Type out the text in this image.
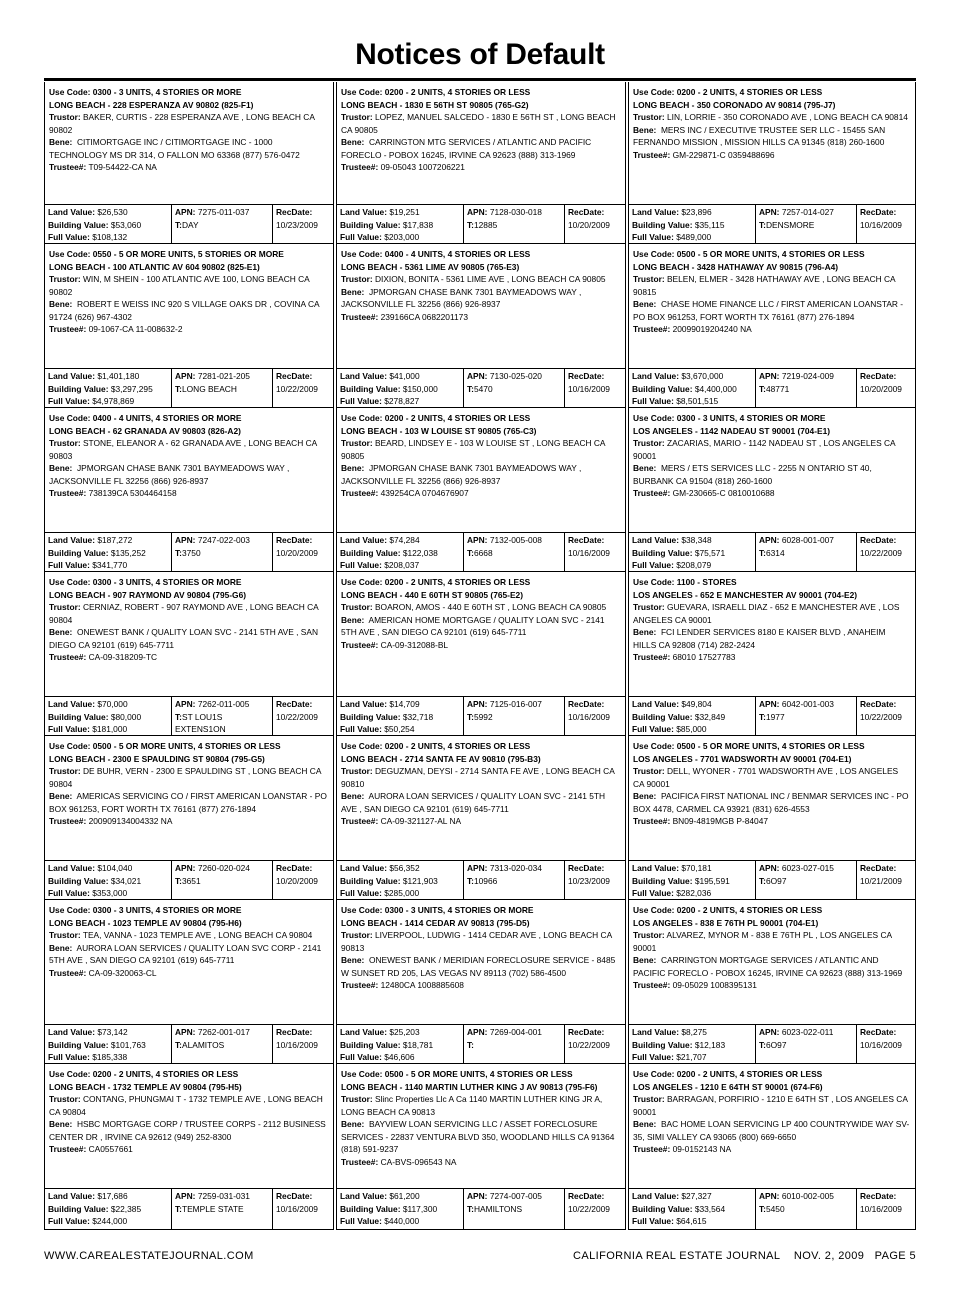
Notices of Default
Use Code: 0300 - 3 UNITS, 4 STORIES OR MORE
LONG BEACH - 228 ESPERANZA AV 90802 (825-F1)
Trustor: BAKER, CURTIS - 228 ESPERANZA AVE , LONG BEACH CA 90802
Bene: CITIMORTGAGE INC / CITIMORTGAGE INC - 1000 TECHNOLOGY MS DR 314, O FALLON MO 63368 (877) 576-0472
Trustee#: T09-54422-CA NA
Land Value: $26,530
Building Value: $53,060
Full Value: $108,132
APN: 7275-011-037
T:DAY
RecDate:
10/23/2009
Use Code: 0550 - 5 OR MORE UNITS, 5 STORIES OR MORE
LONG BEACH - 100 ATLANTIC AV 604 90802 (825-E1)
Trustor: WIN, M SHEIN - 100 ATLANTIC AVE 100, LONG BEACH CA 90802
Bene: ROBERT E WEISS INC 920 S VILLAGE OAKS DR , COVINA CA 91724 (626) 967-4302
Trustee#: 09-1067-CA 11-008632-2
Land Value: $1,401,180
Building Value: $3,297,295
Full Value: $4,978,869
APN: 7281-021-205
T:LONG BEACH
RecDate:
10/22/2009
Use Code: 0400 - 4 UNITS, 4 STORIES OR MORE
LONG BEACH - 62 GRANADA AV 90803 (826-A2)
Trustor: STONE, ELEANOR A - 62 GRANADA AVE , LONG BEACH CA 90803
Bene: JPMORGAN CHASE BANK 7301 BAYMEADOWS WAY , JACKSONVILLE FL 32256 (866) 926-8937
Trustee#: 738139CA 5304464158
Land Value: $187,272
Building Value: $135,252
Full Value: $341,770
APN: 7247-022-003
T:3750
RecDate:
10/20/2009
Use Code: 0300 - 3 UNITS, 4 STORIES OR MORE
LONG BEACH - 907 RAYMOND AV 90804 (795-G6)
Trustor: CERNIAZ, ROBERT - 907 RAYMOND AVE , LONG BEACH CA 90804
Bene: ONEWEST BANK / QUALITY LOAN SVC - 2141 5TH AVE , SAN DIEGO CA 92101 (619) 645-7711
Trustee#: CA-09-318209-TC
Land Value: $70,000
Building Value: $80,000
Full Value: $181,000
APN: 7262-011-005
T:ST LOU1S EXTENS1ON
RecDate:
10/22/2009
Use Code: 0500 - 5 OR MORE UNITS, 4 STORIES OR LESS
LONG BEACH - 2300 E SPAULDING ST 90804 (795-G5)
Trustor: DE BUHR, VERN - 2300 E SPAULDING ST , LONG BEACH CA 90804
Bene: AMERICAS SERVICING CO / FIRST AMERICAN LOANSTAR - PO BOX 961253, FORT WORTH TX 76161 (877) 276-1894
Trustee#: 200909134004332 NA
Land Value: $104,040
Building Value: $34,021
Full Value: $353,000
APN: 7260-020-024
T:3651
RecDate:
10/20/2009
Use Code: 0300 - 3 UNITS, 4 STORIES OR MORE
LONG BEACH - 1023 TEMPLE AV 90804 (795-H6)
Trustor: TEA, VANNA - 1023 TEMPLE AVE , LONG BEACH CA 90804
Bene: AURORA LOAN SERVICES / QUALITY LOAN SVC CORP - 2141 5TH AVE , SAN DIEGO CA 92101 (619) 645-7711
Trustee#: CA-09-320063-CL
Land Value: $73,142
Building Value: $101,763
Full Value: $185,338
APN: 7262-001-017
T:ALAMITOS
RecDate:
10/16/2009
Use Code: 0200 - 2 UNITS, 4 STORIES OR LESS
LONG BEACH - 1732 TEMPLE AV 90804 (795-H5)
Trustor: CONTANG, PHUNGMAI T - 1732 TEMPLE AVE , LONG BEACH CA 90804
Bene: HSBC MORTGAGE CORP / TRUSTEE CORPS - 2112 BUSINESS CENTER DR , IRVINE CA 92612 (949) 252-8300
Trustee#: CA0557661
Land Value: $17,686
Building Value: $22,385
Full Value: $244,000
APN: 7259-031-031
T:TEMPLE STATE
RecDate:
10/16/2009
Use Code: 0200 - 2 UNITS, 4 STORIES OR LESS
LONG BEACH - 1830 E 56TH ST 90805 (765-G2)
Trustor: LOPEZ, MANUEL SALCEDO - 1830 E 56TH ST , LONG BEACH CA 90805
Bene: CARRINGTON MTG SERVICES / ATLANTIC AND PACIFIC FORECLO - POBOX 16245, IRVINE CA 92623 (888) 313-1969
Trustee#: 09-05043 1007206221
Land Value: $19,251
Building Value: $17,838
Full Value: $203,000
APN: 7128-030-018
T:12885
RecDate:
10/20/2009
Use Code: 0400 - 4 UNITS, 4 STORIES OR LESS
LONG BEACH - 5361 LIME AV 90805 (765-E3)
Trustor: DIXION, BONITA - 5361 LIME AVE , LONG BEACH CA 90805
Bene: JPMORGAN CHASE BANK 7301 BAYMEADOWS WAY , JACKSONVILLE FL 32256 (866) 926-8937
Trustee#: 239166CA 0682201173
Land Value: $41,000
Building Value: $150,000
Full Value: $278,827
APN: 7130-025-020
T:5470
RecDate:
10/16/2009
Use Code: 0200 - 2 UNITS, 4 STORIES OR LESS
LONG BEACH - 103 W LOUISE ST 90805 (765-C3)
Trustor: BEARD, LINDSEY E - 103 W LOUISE ST , LONG BEACH CA 90805
Bene: JPMORGAN CHASE BANK 7301 BAYMEADOWS WAY , JACKSONVILLE FL 32256 (866) 926-8937
Trustee#: 439254CA 0704676907
Land Value: $74,284
Building Value: $122,038
Full Value: $208,037
APN: 7132-005-008
T:6668
RecDate:
10/16/2009
Use Code: 0200 - 2 UNITS, 4 STORIES OR LESS
LONG BEACH - 440 E 60TH ST 90805 (765-E2)
Trustor: BOARON, AMOS - 440 E 60TH ST , LONG BEACH CA 90805
Bene: AMERICAN HOME MORTGAGE / QUALITY LOAN SVC - 2141 5TH AVE , SAN DIEGO CA 92101 (619) 645-7711
Trustee#: CA-09-312088-BL
Land Value: $14,709
Building Value: $32,718
Full Value: $50,254
APN: 7125-016-007
T:5992
RecDate:
10/16/2009
Use Code: 0200 - 2 UNITS, 4 STORIES OR LESS
LONG BEACH - 2714 SANTA FE AV 90810 (795-B3)
Trustor: DEGUZMAN, DEYSI - 2714 SANTA FE AVE , LONG BEACH CA 90810
Bene: AURORA LOAN SERVICES / QUALITY LOAN SVC - 2141 5TH AVE , SAN DIEGO CA 92101 (619) 645-7711
Trustee#: CA-09-321127-AL NA
Land Value: $56,352
Building Value: $121,903
Full Value: $285,000
APN: 7313-020-034
T:10966
RecDate:
10/23/2009
Use Code: 0300 - 3 UNITS, 4 STORIES OR MORE
LONG BEACH - 1414 CEDAR AV 90813 (795-D5)
Trustor: LIVERPOOL, LUDWIG - 1414 CEDAR AVE , LONG BEACH CA 90813
Bene: ONEWEST BANK / MERIDIAN FORECLOSURE SERVICE - 8485 W SUNSET RD 205, LAS VEGAS NV 89113 (702) 586-4500
Trustee#: 12480CA 1008885608
Land Value: $25,203
Building Value: $18,781
Full Value: $46,606
APN: 7269-004-001
T:
RecDate:
10/22/2009
Use Code: 0500 - 5 OR MORE UNITS, 4 STORIES OR LESS
LONG BEACH - 1140 MARTIN LUTHER KING J AV 90813 (795-F6)
Trustor: Slinc Properties Llc A Ca 1140 MARTIN LUTHER KING JR A, LONG BEACH CA 90813
Bene: BAYVIEW LOAN SERVICING LLC / ASSET FORECLOSURE SERVICES - 22837 VENTURA BLVD 350, WOODLAND HILLS CA 91364 (818) 591-9237
Trustee#: CA-BVS-096543 NA
Land Value: $61,200
Building Value: $117,300
Full Value: $440,000
APN: 7274-007-005
T:HAMILTONS
RecDate:
10/22/2009
Use Code: 0200 - 2 UNITS, 4 STORIES OR LESS
LONG BEACH - 350 CORONADO AV 90814 (795-J7)
Trustor: LIN, LORRIE - 350 CORONADO AVE , LONG BEACH CA 90814
Bene: MERS INC / EXECUTIVE TRUSTEE SER LLC - 15455 SAN FERNANDO MISSION , MISSION HILLS CA 91345 (818) 260-1600
Trustee#: GM-229871-C 0359488696
Land Value: $23,896
Building Value: $35,115
Full Value: $489,000
APN: 7257-014-027
T:DENSMORE
RecDate:
10/16/2009
Use Code: 0500 - 5 OR MORE UNITS, 4 STORIES OR LESS
LONG BEACH - 3428 HATHAWAY AV 90815 (796-A4)
Trustor: BELEN, ELMER - 3428 HATHAWAY AVE , LONG BEACH CA 90815
Bene: CHASE HOME FINANCE LLC / FIRST AMERICAN LOANSTAR - PO BOX 961253, FORT WORTH TX 76161 (877) 276-1894
Trustee#: 20099019204240 NA
Land Value: $3,670,000
Building Value: $4,400,000
Full Value: $8,501,515
APN: 7219-024-009
T:48771
RecDate:
10/20/2009
Use Code: 0300 - 3 UNITS, 4 STORIES OR MORE
LOS ANGELES - 1142 NADEAU ST 90001 (704-E1)
Trustor: ZACARIAS, MARIO - 1142 NADEAU ST , LOS ANGELES CA 90001
Bene: MERS / ETS SERVICES LLC - 2255 N ONTARIO ST 40, BURBANK CA 91504 (818) 260-1600
Trustee#: GM-230665-C 0810010688
Land Value: $38,348
Building Value: $75,571
Full Value: $208,079
APN: 6028-001-007
T:6314
RecDate:
10/22/2009
Use Code: 1100 - STORES
LOS ANGELES - 652 E MANCHESTER AV 90001 (704-E2)
Trustor: GUEVARA, ISRAELL DIAZ - 652 E MANCHESTER AVE , LOS ANGELES CA 90001
Bene: FCI LENDER SERVICES 8180 E KAISER BLVD , ANAHEIM HILLS CA 92808 (714) 282-2424
Trustee#: 68010 17527783
Land Value: $49,804
Building Value: $32,849
Full Value: $85,000
APN: 6042-001-003
T:1977
RecDate:
10/22/2009
Use Code: 0500 - 5 OR MORE UNITS, 4 STORIES OR LESS
LOS ANGELES - 7701 WADSWORTH AV 90001 (704-E1)
Trustor: DELL, WYONER - 7701 WADSWORTH AVE , LOS ANGELES CA 90001
Bene: PACIFICA FIRST NATIONAL INC / BENMAR SERVICES INC - PO BOX 4478, CARMEL CA 93921 (831) 626-4553
Trustee#: BN09-4819MGB P-84047
Land Value: $70,181
Building Value: $195,591
Full Value: $282,036
APN: 6023-027-015
T:6O97
RecDate:
10/21/2009
Use Code: 0200 - 2 UNITS, 4 STORIES OR LESS
LOS ANGELES - 838 E 76TH PL 90001 (704-E1)
Trustor: ALVAREZ, MYNOR M - 838 E 76TH PL , LOS ANGELES CA 90001
Bene: CARRINGTON MORTGAGE SERVICES / ATLANTIC AND PACIFIC FORECLO - POBOX 16245, IRVINE CA 92623 (888) 313-1969
Trustee#: 09-05029 1008395131
Land Value: $8,275
Building Value: $12,183
Full Value: $21,707
APN: 6023-022-011
T:6O97
RecDate:
10/16/2009
Use Code: 0200 - 2 UNITS, 4 STORIES OR LESS
LOS ANGELES - 1210 E 64TH ST 90001 (674-F6)
Trustor: BARRAGAN, PORFIRIO - 1210 E 64TH ST , LOS ANGELES CA 90001
Bene: BAC HOME LOAN SERVICING LP 400 COUNTRYWIDE WAY SV-35, SIMI VALLEY CA 93065 (800) 669-6650
Trustee#: 09-0152143 NA
Land Value: $27,327
Building Value: $33,564
Full Value: $64,615
APN: 6010-002-005
T:5450
RecDate:
10/16/2009
WWW.CAREALESTATEJOURNAL.COM	CALIFORNIA REAL ESTATE JOURNAL    NOV. 2, 2009   PAGE 5
